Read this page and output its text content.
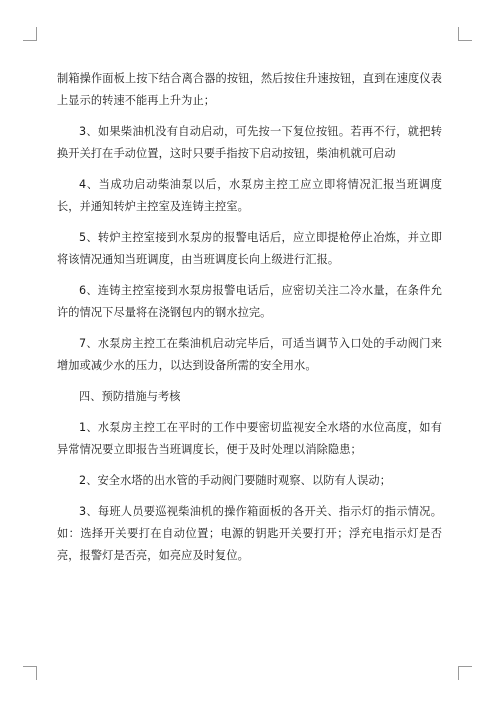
制箱操作面板上按下结合离合器的按钮，然后按住升速按钮，直到在速度仪表上显示的转速不能再上升为止；

3、如果柴油机没有自动启动，可先按一下复位按钮。若再不行，就把转换开关打在手动位置，这时只要手指按下启动按钮，柴油机就可启动

4、当成功启动柴油泵以后，水泵房主控工应立即将情况汇报当班调度长，并通知转炉主控室及连铸主控室。

5、转炉主控室接到水泵房的报警电话后，应立即提枪停止冶炼，并立即将该情况通知当班调度，由当班调度长向上级进行汇报。

6、连铸主控室接到水泵房报警电话后，应密切关注二冷水量，在条件允许的情况下尽量将在浇钢包内的钢水拉完。

7、水泵房主控工在柴油机启动完毕后，可适当调节入口处的手动阀门来增加或减少水的压力，以达到设备所需的安全用水。

四、预防措施与考核

1、水泵房主控工在平时的工作中要密切监视安全水塔的水位高度，如有异常情况要立即报告当班调度长，便于及时处理以消除隐患；

2、安全水塔的出水管的手动阀门要随时观察、以防有人误动；

3、每班人员要巡视柴油机的操作箱面板的各开关、指示灯的指示情况。如：选择开关要打在自动位置；电源的钥匙开关要打开；浮充电指示灯是否亮，报警灯是否亮，如亮应及时复位。
